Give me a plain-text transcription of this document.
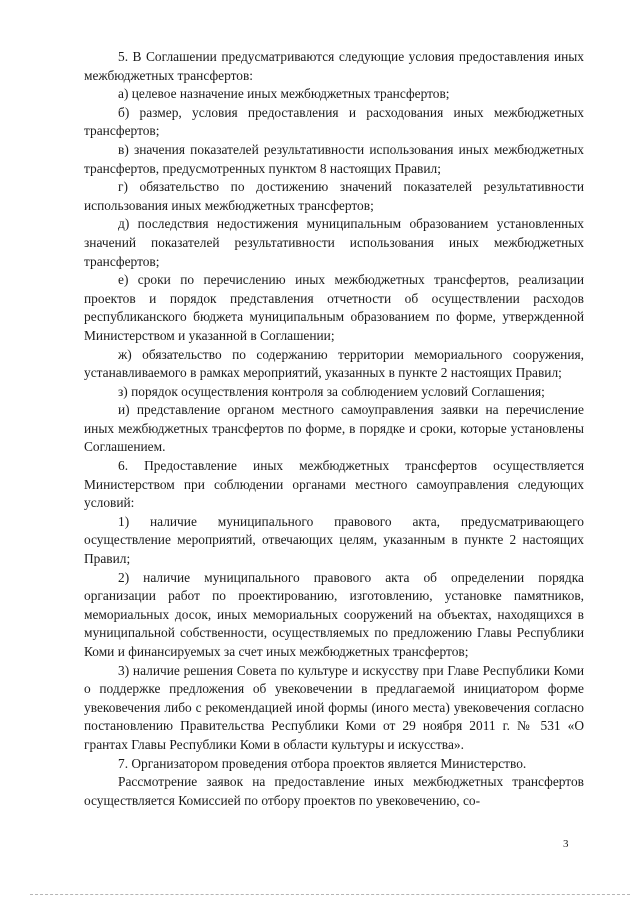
5. В Соглашении предусматриваются следующие условия предоставления иных межбюджетных трансфертов:

а) целевое назначение иных межбюджетных трансфертов;

б) размер, условия предоставления и расходования иных межбюджетных трансфертов;

в) значения показателей результативности использования иных межбюджетных трансфертов, предусмотренных пунктом 8 настоящих Правил;

г) обязательство по достижению значений показателей результативности использования иных межбюджетных трансфертов;

д) последствия недостижения муниципальным образованием установленных значений показателей результативности использования иных межбюджетных трансфертов;

е) сроки по перечислению иных межбюджетных трансфертов, реализации проектов и порядок представления отчетности об осуществлении расходов республиканского бюджета муниципальным образованием по форме, утвержденной Министерством и указанной в Соглашении;

ж) обязательство по содержанию территории мемориального сооружения, устанавливаемого в рамках мероприятий, указанных в пункте 2 настоящих Правил;

з) порядок осуществления контроля за соблюдением условий Соглашения;

и) представление органом местного самоуправления заявки на перечисление иных межбюджетных трансфертов по форме, в порядке и сроки, которые установлены Соглашением.

6. Предоставление иных межбюджетных трансфертов осуществляется Министерством при соблюдении органами местного самоуправления следующих условий:

1) наличие муниципального правового акта, предусматривающего осуществление мероприятий, отвечающих целям, указанным в пункте 2 настоящих Правил;

2) наличие муниципального правового акта об определении порядка организации работ по проектированию, изготовлению, установке памятников, мемориальных досок, иных мемориальных сооружений на объектах, находящихся в муниципальной собственности, осуществляемых по предложению Главы Республики Коми и финансируемых за счет иных межбюджетных трансфертов;

3) наличие решения Совета по культуре и искусству при Главе Республики Коми о поддержке предложения об увековечении в предлагаемой инициатором форме увековечения либо с рекомендацией иной формы (иного места) увековечения согласно постановлению Правительства Республики Коми от 29 ноября 2011 г. № 531 «О грантах Главы Республики Коми в области культуры и искусства».

7. Организатором проведения отбора проектов является Министерство.

Рассмотрение заявок на предоставление иных межбюджетных трансфертов осуществляется Комиссией по отбору проектов по увековечению, со-

3
